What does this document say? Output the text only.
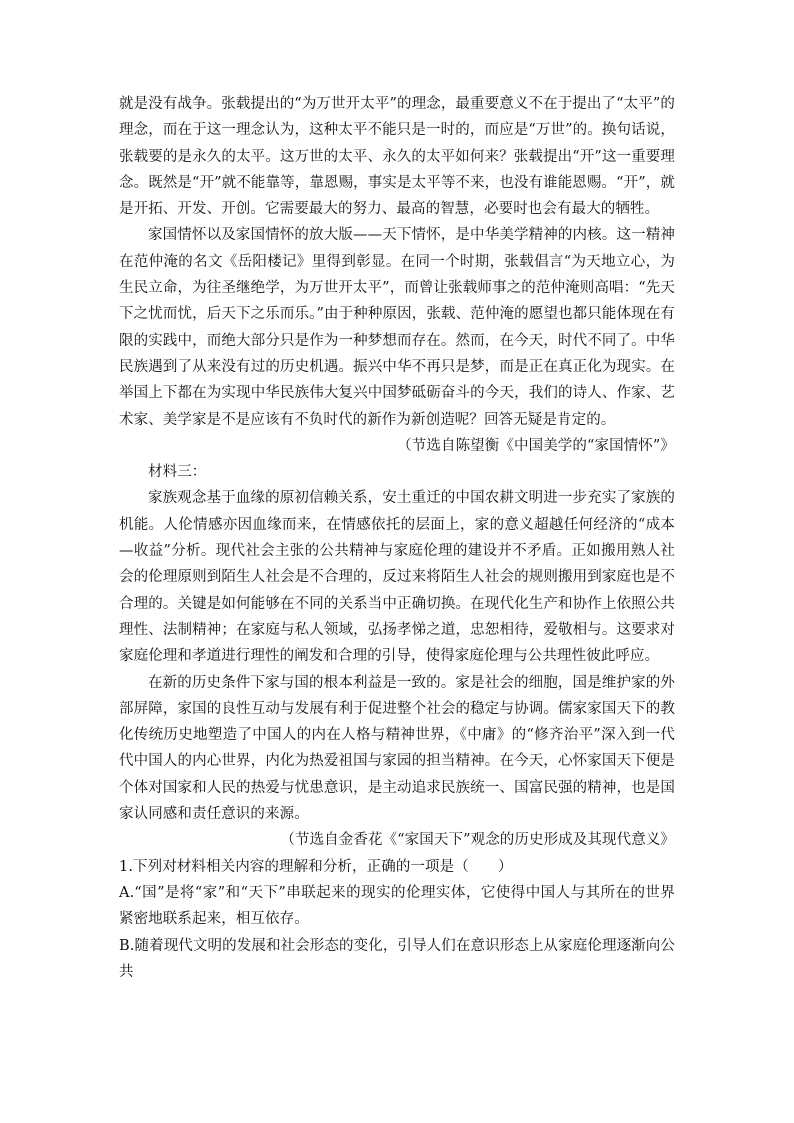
就是没有战争。张载提出的“为万世开太平”的理念，最重要意义不在于提出了“太平”的理念，而在于这一理念认为，这种太平不能只是一时的，而应是“万世”的。换句话说，张载要的是永久的太平。这万世的太平、永久的太平如何来？张载提出“开”这一重要理念。既然是“开”就不能靠等，靠恩赐，事实是太平等不来，也没有谁能恩赐。“开”，就是开拓、开发、开创。它需要最大的努力、最高的智慧，必要时也会有最大的牺牲。

家国情怀以及家国情怀的放大版——天下情怀，是中华美学精神的内核。这一精神在范仲淹的名文《岳阳楼记》里得到彰显。在同一个时期，张载倡言“为天地立心，为生民立命，为往圣继绝学，为万世开太平”，而曾让张载师事之的范仲淹则高唱：“先天下之忧而忧，后天下之乐而乐。”由于种种原因，张载、范仲淹的愿望也都只能体现在有限的实践中，而绝大部分只是作为一种梦想而存在。然而，在今天，时代不同了。中华民族遇到了从来没有过的历史机遇。振兴中华不再只是梦，而是正在真正化为现实。在举国上下都在为实现中华民族伟大复兴中国梦砥砺奋斗的今天，我们的诗人、作家、艺术家、美学家是不是应该有不负时代的新作为新创造呢？回答无疑是肯定的。

（节选自陈望衡《中国美学的“家国情怀”》

材料三：

家族观念基于血缘的原初信赖关系，安土重迁的中国农耕文明进一步充实了家族的机能。人伦情感亦因血缘而来，在情感依托的层面上，家的意义超越任何经济的“成本—收益”分析。现代社会主张的公共精神与家庭伦理的建设并不矛盾。正如搬用熟人社会的伦理原则到陌生人社会是不合理的，反过来将陌生人社会的规则搬用到家庭也是不合理的。关键是如何能够在不同的关系当中正确切换。在现代化生产和协作上依照公共理性、法制精神；在家庭与私人领域，弘扬孝悌之道，忠恕相待，爱敬相与。这要求对家庭伦理和孝道进行理性的阐发和合理的引导，使得家庭伦理与公共理性彼此呼应。

在新的历史条件下家与国的根本利益是一致的。家是社会的细胞，国是维护家的外部屏障，家国的良性互动与发展有利于促进整个社会的稳定与协调。儒家家国天下的教化传统历史地塑造了中国人的内在人格与精神世界，《中庸》的“修齐治平”深入到一代代中国人的内心世界，内化为热爱祖国与家园的担当精神。在今天，心怀家国天下便是个体对国家和人民的热爱与忧患意识，是主动追求民族统一、国富民强的精神，也是国家认同感和责任意识的来源。

（节选自金香花《“家国天下”观念的历史形成及其现代意义》

1.下列对材料相关内容的理解和分析，正确的一项是（　　）

A.“国”是将“家”和“天下”串联起来的现实的伦理实体，它使得中国人与其所在的世界紧密地联系起来，相互依存。

B.随着现代文明的发展和社会形态的变化，引导人们在意识形态上从家庭伦理逐渐向公共
